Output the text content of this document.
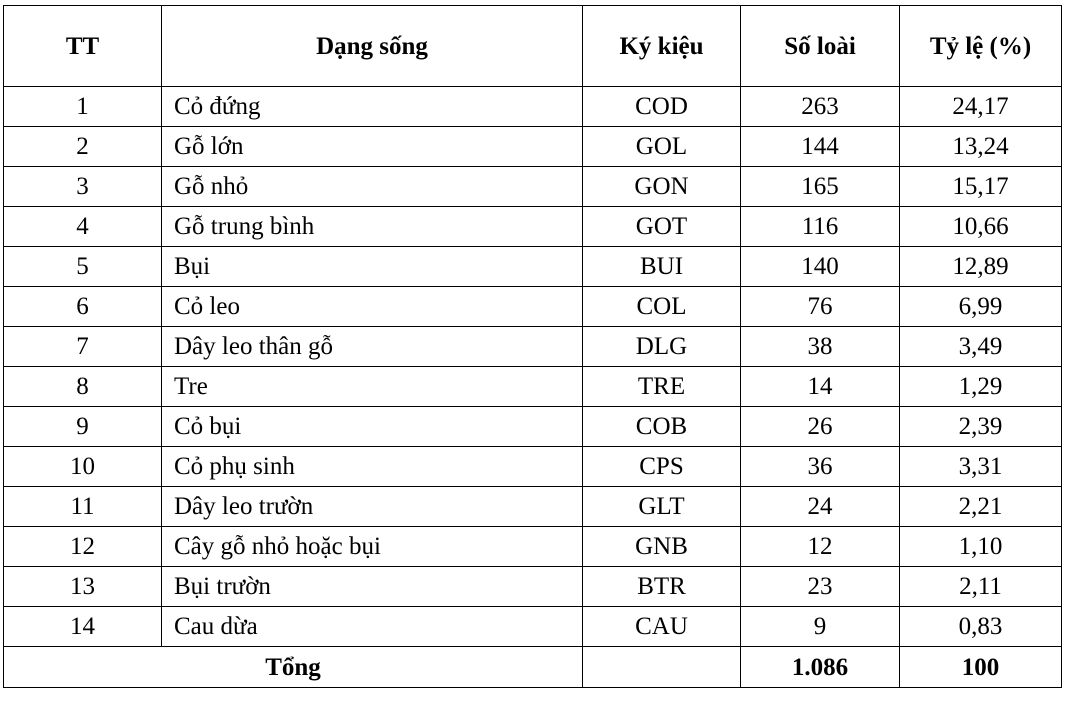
TT	Dạng sống	Ký kiệu	Số loài	Tỷ lệ (%)
1	Cỏ đứng	COD	263	24,17
2	Gỗ lớn	GOL	144	13,24
3	Gỗ nhỏ	GON	165	15,17
4	Gỗ trung bình	GOT	116	10,66
5	Bụi	BUI	140	12,89
6	Cỏ leo	COL	76	6,99
7	Dây leo thân gỗ	DLG	38	3,49
8	Tre	TRE	14	1,29
9	Cỏ bụi	COB	26	2,39
10	Cỏ phụ sinh	CPS	36	3,31
11	Dây leo trườn	GLT	24	2,21
12	Cây gỗ nhỏ hoặc bụi	GNB	12	1,10
13	Bụi trườn	BTR	23	2,11
14	Cau dừa	CAU	9	0,83
Tổng			1.086	100
